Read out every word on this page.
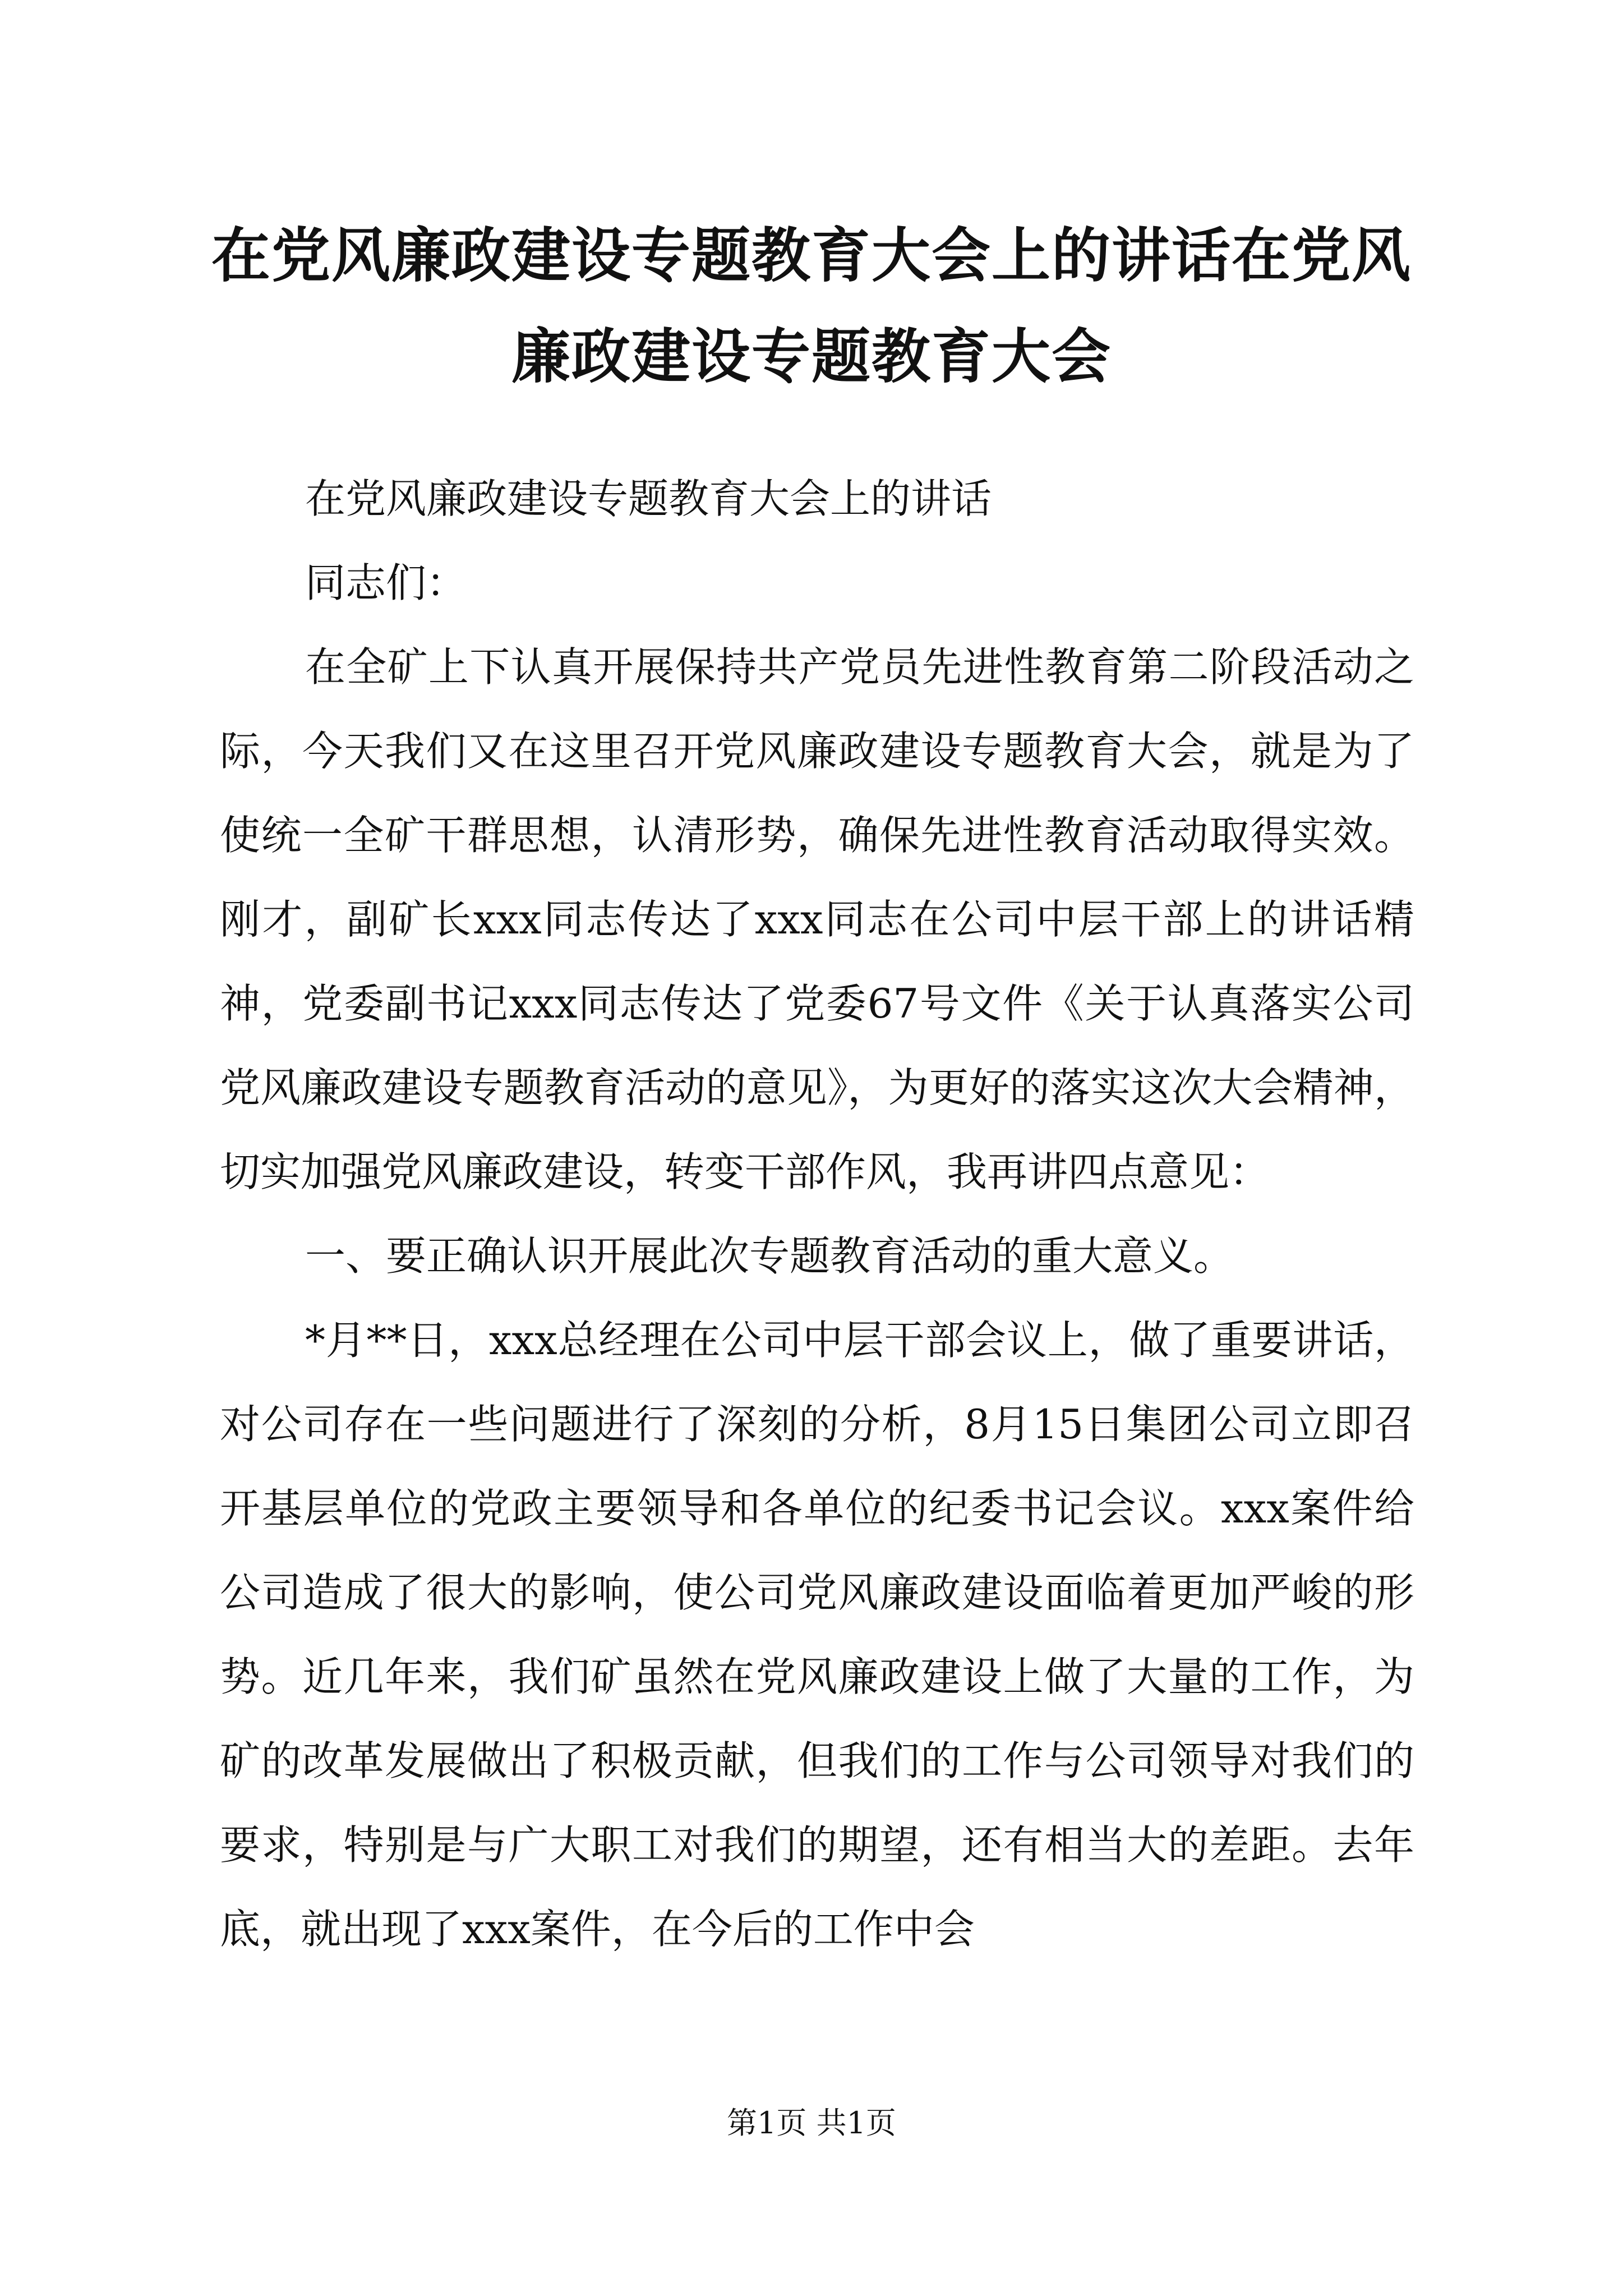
在党风廉政建设专题教育大会上的讲话在党风
廉政建设专题教育大会

在党风廉政建设专题教育大会上的讲话

同志们：

在全矿上下认真开展保持共产党员先进性教育第二阶段活动之际，今天我们又在这里召开党风廉政建设专题教育大会，就是为了使统一全矿干群思想，认清形势，确保先进性教育活动取得实效。刚才，副矿长xxx同志传达了xxx同志在公司中层干部上的讲话精神，党委副书记xxx同志传达了党委67号文件《关于认真落实公司党风廉政建设专题教育活动的意见》，为更好的落实这次大会精神，切实加强党风廉政建设，转变干部作风，我再讲四点意见：

一、要正确认识开展此次专题教育活动的重大意义。

*月**日，xxx总经理在公司中层干部会议上，做了重要讲话，对公司存在一些问题进行了深刻的分析，8月15日集团公司立即召开基层单位的党政主要领导和各单位的纪委书记会议。xxx案件给公司造成了很大的影响，使公司党风廉政建设面临着更加严峻的形势。近几年来，我们矿虽然在党风廉政建设上做了大量的工作，为矿的改革发展做出了积极贡献，但我们的工作与公司领导对我们的要求，特别是与广大职工对我们的期望，还有相当大的差距。去年底，就出现了xxx案件，在今后的工作中会

第1页 共1页
